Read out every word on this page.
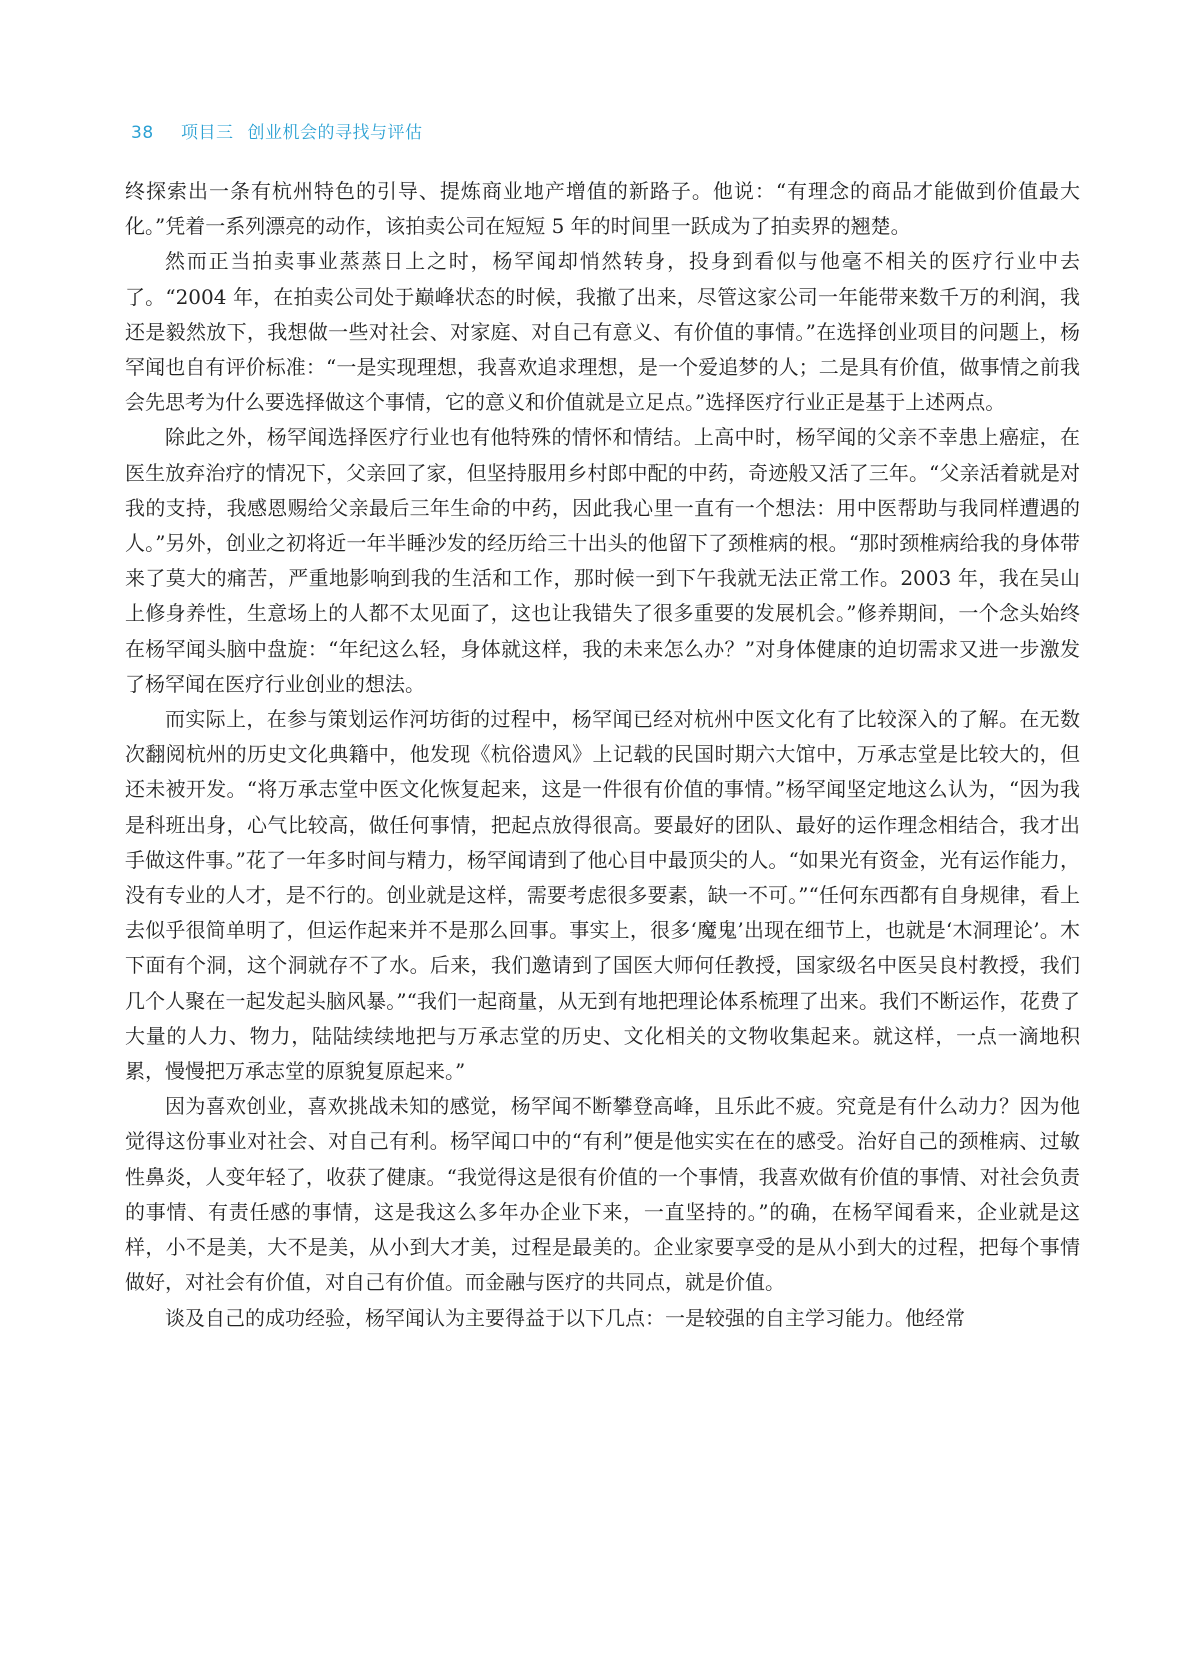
38 项目三 创业机会的寻找与评估

终探索出一条有杭州特色的引导、提炼商业地产增值的新路子。他说：“有理念的商品才能做到价值最大化。”凭着一系列漂亮的动作，该拍卖公司在短短 5 年的时间里一跃成为了拍卖界的翘楚。

然而正当拍卖事业蒸蒸日上之时，杨罕闻却悄然转身，投身到看似与他毫不相关的医疗行业中去了。“2004 年，在拍卖公司处于巅峰状态的时候，我撤了出来，尽管这家公司一年能带来数千万的利润，我还是毅然放下，我想做一些对社会、对家庭、对自己有意义、有价值的事情。”在选择创业项目的问题上，杨罕闻也自有评价标准：“一是实现理想，我喜欢追求理想，是一个爱追梦的人；二是具有价值，做事情之前我会先思考为什么要选择做这个事情，它的意义和价值就是立足点。”选择医疗行业正是基于上述两点。

除此之外，杨罕闻选择医疗行业也有他特殊的情怀和情结。上高中时，杨罕闻的父亲不幸患上癌症，在医生放弃治疗的情况下，父亲回了家，但坚持服用乡村郎中配的中药，奇迹般又活了三年。“父亲活着就是对我的支持，我感恩赐给父亲最后三年生命的中药，因此我心里一直有一个想法：用中医帮助与我同样遭遇的人。”另外，创业之初将近一年半睡沙发的经历给三十出头的他留下了颈椎病的根。“那时颈椎病给我的身体带来了莫大的痛苦，严重地影响到我的生活和工作，那时候一到下午我就无法正常工作。2003 年，我在吴山上修身养性，生意场上的人都不太见面了，这也让我错失了很多重要的发展机会。”修养期间，一个念头始终在杨罕闻头脑中盘旋：“年纪这么轻，身体就这样，我的未来怎么办？”对身体健康的迫切需求又进一步激发了杨罕闻在医疗行业创业的想法。

而实际上，在参与策划运作河坊街的过程中，杨罕闻已经对杭州中医文化有了比较深入的了解。在无数次翻阅杭州的历史文化典籍中，他发现《杭俗遗风》上记载的民国时期六大馆中，万承志堂是比较大的，但还未被开发。“将万承志堂中医文化恢复起来，这是一件很有价值的事情。”杨罕闻坚定地这么认为，“因为我是科班出身，心气比较高，做任何事情，把起点放得很高。要最好的团队、最好的运作理念相结合，我才出手做这件事。”花了一年多时间与精力，杨罕闻请到了他心目中最顶尖的人。“如果光有资金，光有运作能力，没有专业的人才，是不行的。创业就是这样，需要考虑很多要素，缺一不可。”“任何东西都有自身规律，看上去似乎很简单明了，但运作起来并不是那么回事。事实上，很多‘魔鬼’出现在细节上，也就是‘木洞理论’。木下面有个洞，这个洞就存不了水。后来，我们邀请到了国医大师何任教授，国家级名中医吴良村教授，我们几个人聚在一起发起头脑风暴。”“我们一起商量，从无到有地把理论体系梳理了出来。我们不断运作，花费了大量的人力、物力，陆陆续续地把与万承志堂的历史、文化相关的文物收集起来。就这样，一点一滴地积累，慢慢把万承志堂的原貌复原起来。”

因为喜欢创业，喜欢挑战未知的感觉，杨罕闻不断攀登高峰，且乐此不疲。究竟是有什么动力？因为他觉得这份事业对社会、对自己有利。杨罕闻口中的“有利”便是他实实在在的感受。治好自己的颈椎病、过敏性鼻炎，人变年轻了，收获了健康。“我觉得这是很有价值的一个事情，我喜欢做有价值的事情、对社会负责的事情、有责任感的事情，这是我这么多年办企业下来，一直坚持的。”的确，在杨罕闻看来，企业就是这样，小不是美，大不是美，从小到大才美，过程是最美的。企业家要享受的是从小到大的过程，把每个事情做好，对社会有价值，对自己有价值。而金融与医疗的共同点，就是价值。

谈及自己的成功经验，杨罕闻认为主要得益于以下几点：一是较强的自主学习能力。他经常
